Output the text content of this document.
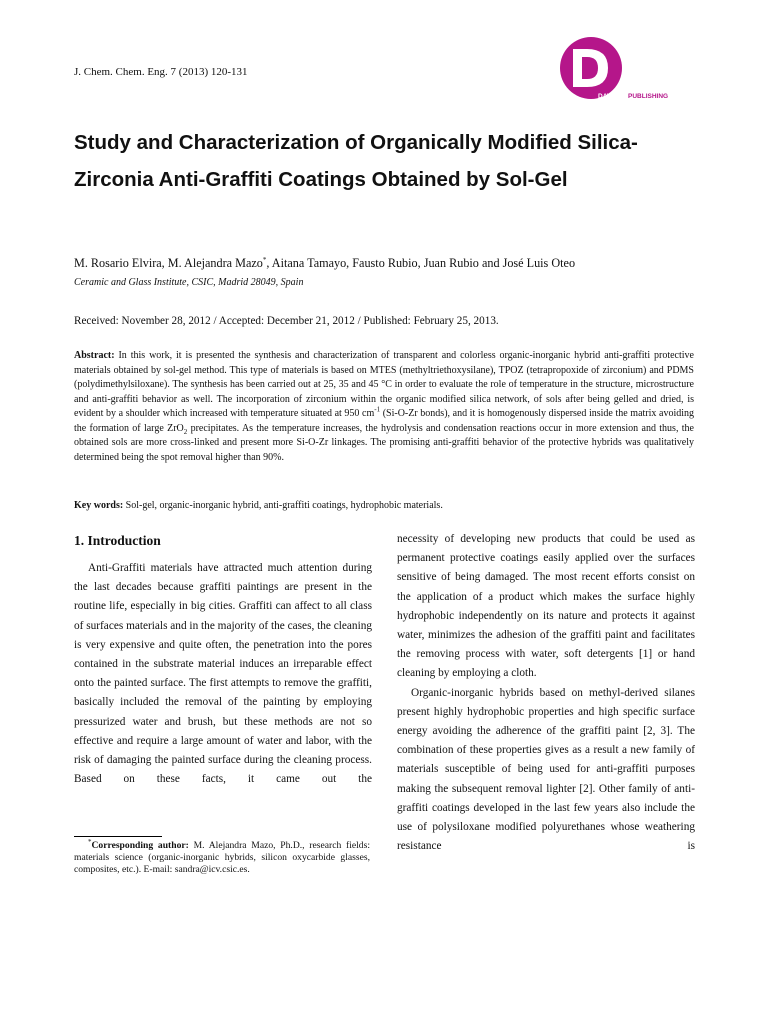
J. Chem. Chem. Eng. 7 (2013) 120-131
DAVID PUBLISHING
Study and Characterization of Organically Modified Silica-Zirconia Anti-Graffiti Coatings Obtained by Sol-Gel
M. Rosario Elvira, M. Alejandra Mazo*, Aitana Tamayo, Fausto Rubio, Juan Rubio and José Luis Oteo
Ceramic and Glass Institute, CSIC, Madrid 28049, Spain
Received: November 28, 2012 / Accepted: December 21, 2012 / Published: February 25, 2013.

Abstract: In this work, it is presented the synthesis and characterization of transparent and colorless organic-inorganic hybrid anti-graffiti protective materials obtained by sol-gel method. This type of materials is based on MTES (methyltriethoxysilane), TPOZ (tetrapropoxide of zirconium) and PDMS (polydimethylsiloxane). The synthesis has been carried out at 25, 35 and 45 °C in order to evaluate the role of temperature in the structure, microstructure and anti-graffiti behavior as well. The incorporation of zirconium within the organic modified silica network, of sols after being gelled and dried, is evident by a shoulder which increased with temperature situated at 950 $cm^{-1}$ (Si-O-Zr bonds), and it is homogenously dispersed inside the matrix avoiding the formation of large ZrO$_2$ precipitates. As the temperature increases, the hydrolysis and condensation reactions occur in more extension and thus, the obtained sols are more cross-linked and present more Si-O-Zr linkages. The promising anti-graffiti behavior of the protective hybrids was qualitatively determined being the spot removal higher than 90%.

Key words: Sol-gel, organic-inorganic hybrid, anti-graffiti coatings, hydrophobic materials.

1. Introduction

Anti-Graffiti materials have attracted much attention during the last decades because graffiti paintings are present in the routine life, especially in big cities. Graffiti can affect to all class of surfaces materials and in the majority of the cases, the cleaning is very expensive and quite often, the penetration into the pores contained in the substrate material induces an irreparable effect onto the painted surface. The first attempts to remove the graffiti, basically included the removal of the painting by employing pressurized water and brush, but these methods are not so effective and require a large amount of water and labor, with the risk of damaging the painted surface during the cleaning process. Based on these facts, it came out the

necessity of developing new products that could be used as permanent protective coatings easily applied over the surfaces sensitive of being damaged. The most recent efforts consist on the application of a product which makes the surface highly hydrophobic independently on its nature and protects it against water, minimizes the adhesion of the graffiti paint and facilitates the removing process with water, soft detergents [1] or hand cleaning by employing a cloth.

Organic-inorganic hybrids based on methyl-derived silanes present highly hydrophobic properties and high specific surface energy avoiding the adherence of the graffiti paint [2, 3]. The combination of these properties gives as a result a new family of materials susceptible of being used for anti-graffiti purposes making the subsequent removal lighter [2]. Other family of anti-graffiti coatings developed in the last few years also include the use of polysiloxane modified polyurethanes whose weathering resistance is

*Corresponding author: M. Alejandra Mazo, Ph.D., research fields: materials science (organic-inorganic hybrids, silicon oxycarbide glasses, composites, etc.). E-mail: sandra@icv.csic.es.
